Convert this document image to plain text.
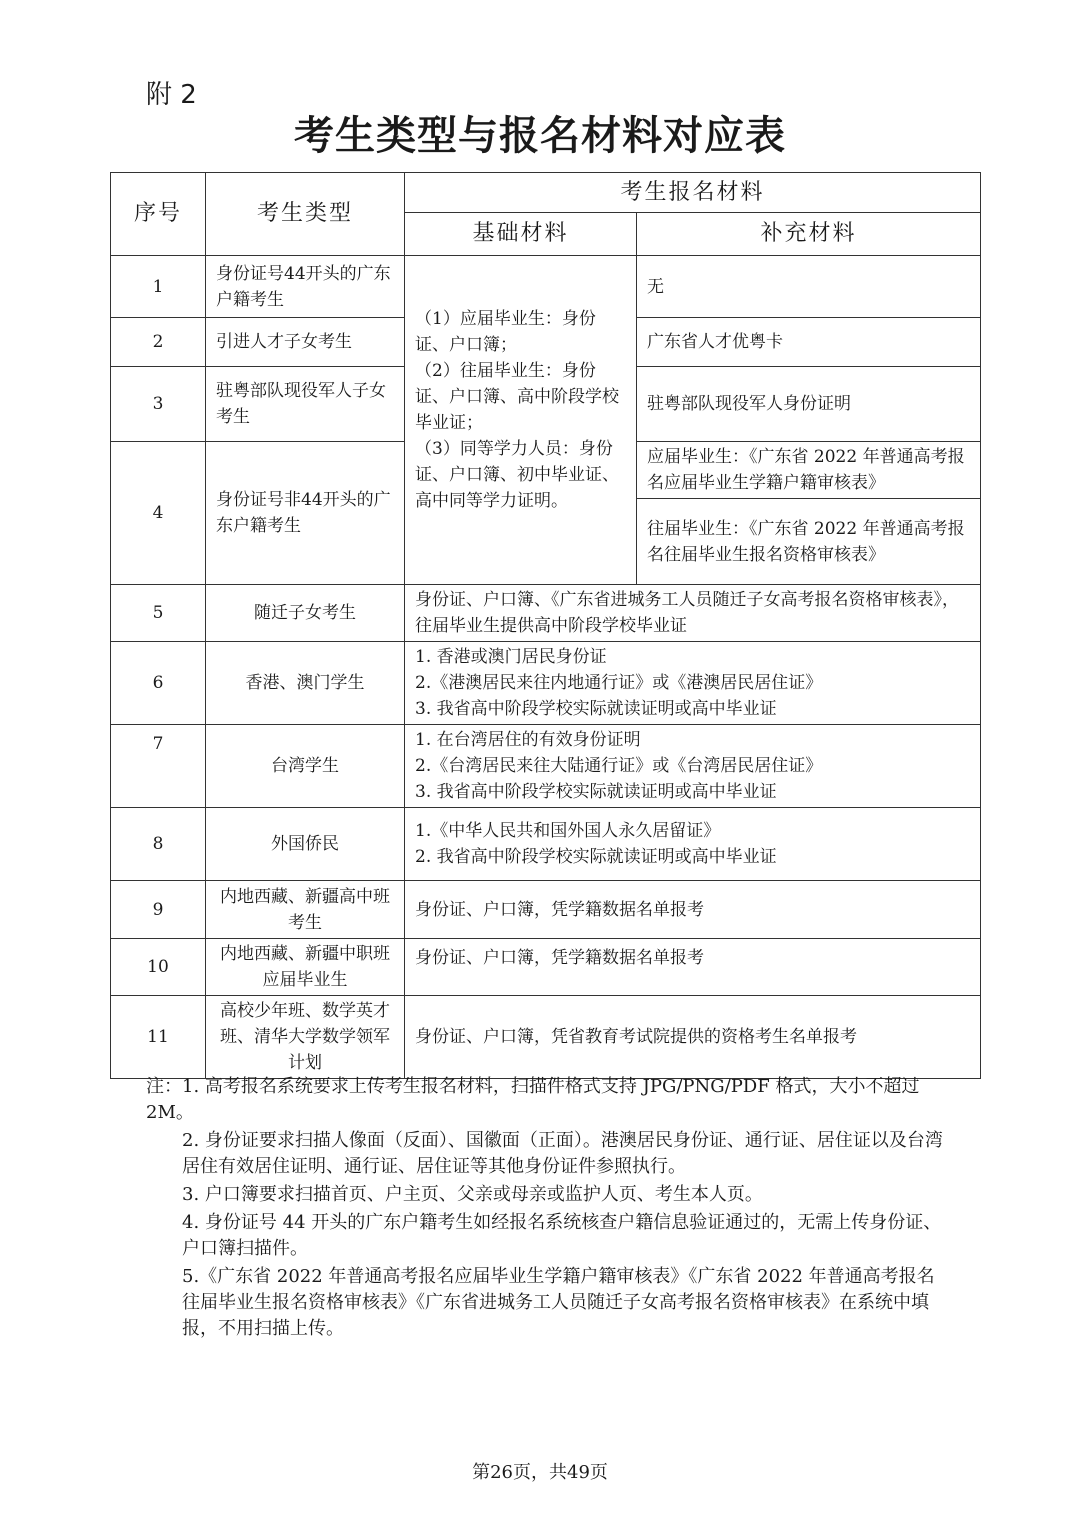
附 2
考生类型与报名材料对应表
序号	考生类型	考生报名材料	
		基础材料	补充材料
1	身份证号44开头的广东户籍考生	（1）应届毕业生：身份证、户口簿；
（2）往届毕业生：身份证、户口簿、高中阶段学校毕业证；
（3）同等学力人员：身份证、户口簿、初中毕业证、高中同等学力证明。	无
2	引进人才子女考生		广东省人才优粤卡
3	驻粤部队现役军人子女考生		驻粤部队现役军人身份证明
4	身份证号非44开头的广东户籍考生		应届毕业生：《广东省 2022 年普通高考报名应届毕业生学籍户籍审核表》
			往届毕业生：《广东省 2022 年普通高考报名往届毕业生报名资格审核表》
5	随迁子女考生	身份证、户口簿、《广东省进城务工人员随迁子女高考报名资格审核表》，往届毕业生提供高中阶段学校毕业证	
6	香港、澳门学生	1. 香港或澳门居民身份证
2.《港澳居民来往内地通行证》或《港澳居民居住证》
3. 我省高中阶段学校实际就读证明或高中毕业证	

7	台湾学生	1. 在台湾居住的有效身份证明
2.《台湾居民来往大陆通行证》或《台湾居民居住证》
3. 我省高中阶段学校实际就读证明或高中毕业证	

8	外国侨民	1.《中华人民共和国外国人永久居留证》
2. 我省高中阶段学校实际就读证明或高中毕业证	

9	内地西藏、新疆高中班考生	身份证、户口簿，凭学籍数据名单报考	
10	内地西藏、新疆中职班应届毕业生	身份证、户口簿，凭学籍数据名单报考	
11	高校少年班、数学英才班、清华大学数学领军计划	身份证、户口簿，凭省教育考试院提供的资格考生名单报考	

注：1. 高考报名系统要求上传考生报名材料，扫描件格式支持 JPG/PNG/PDF 格式，大小不超过 2M。

2. 身份证要求扫描人像面（反面）、国徽面（正面）。港澳居民身份证、通行证、居住证以及台湾居住有效居住证明、通行证、居住证等其他身份证件参照执行。

3. 户口簿要求扫描首页、户主页、父亲或母亲或监护人页、考生本人页。

4. 身份证号 44 开头的广东户籍考生如经报名系统核查户籍信息验证通过的，无需上传身份证、户口簿扫描件。

5.《广东省 2022 年普通高考报名应届毕业生学籍户籍审核表》《广东省 2022 年普通高考报名往届毕业生报名资格审核表》《广东省进城务工人员随迁子女高考报名资格审核表》在系统中填报，不用扫描上传。

第26页，共49页
